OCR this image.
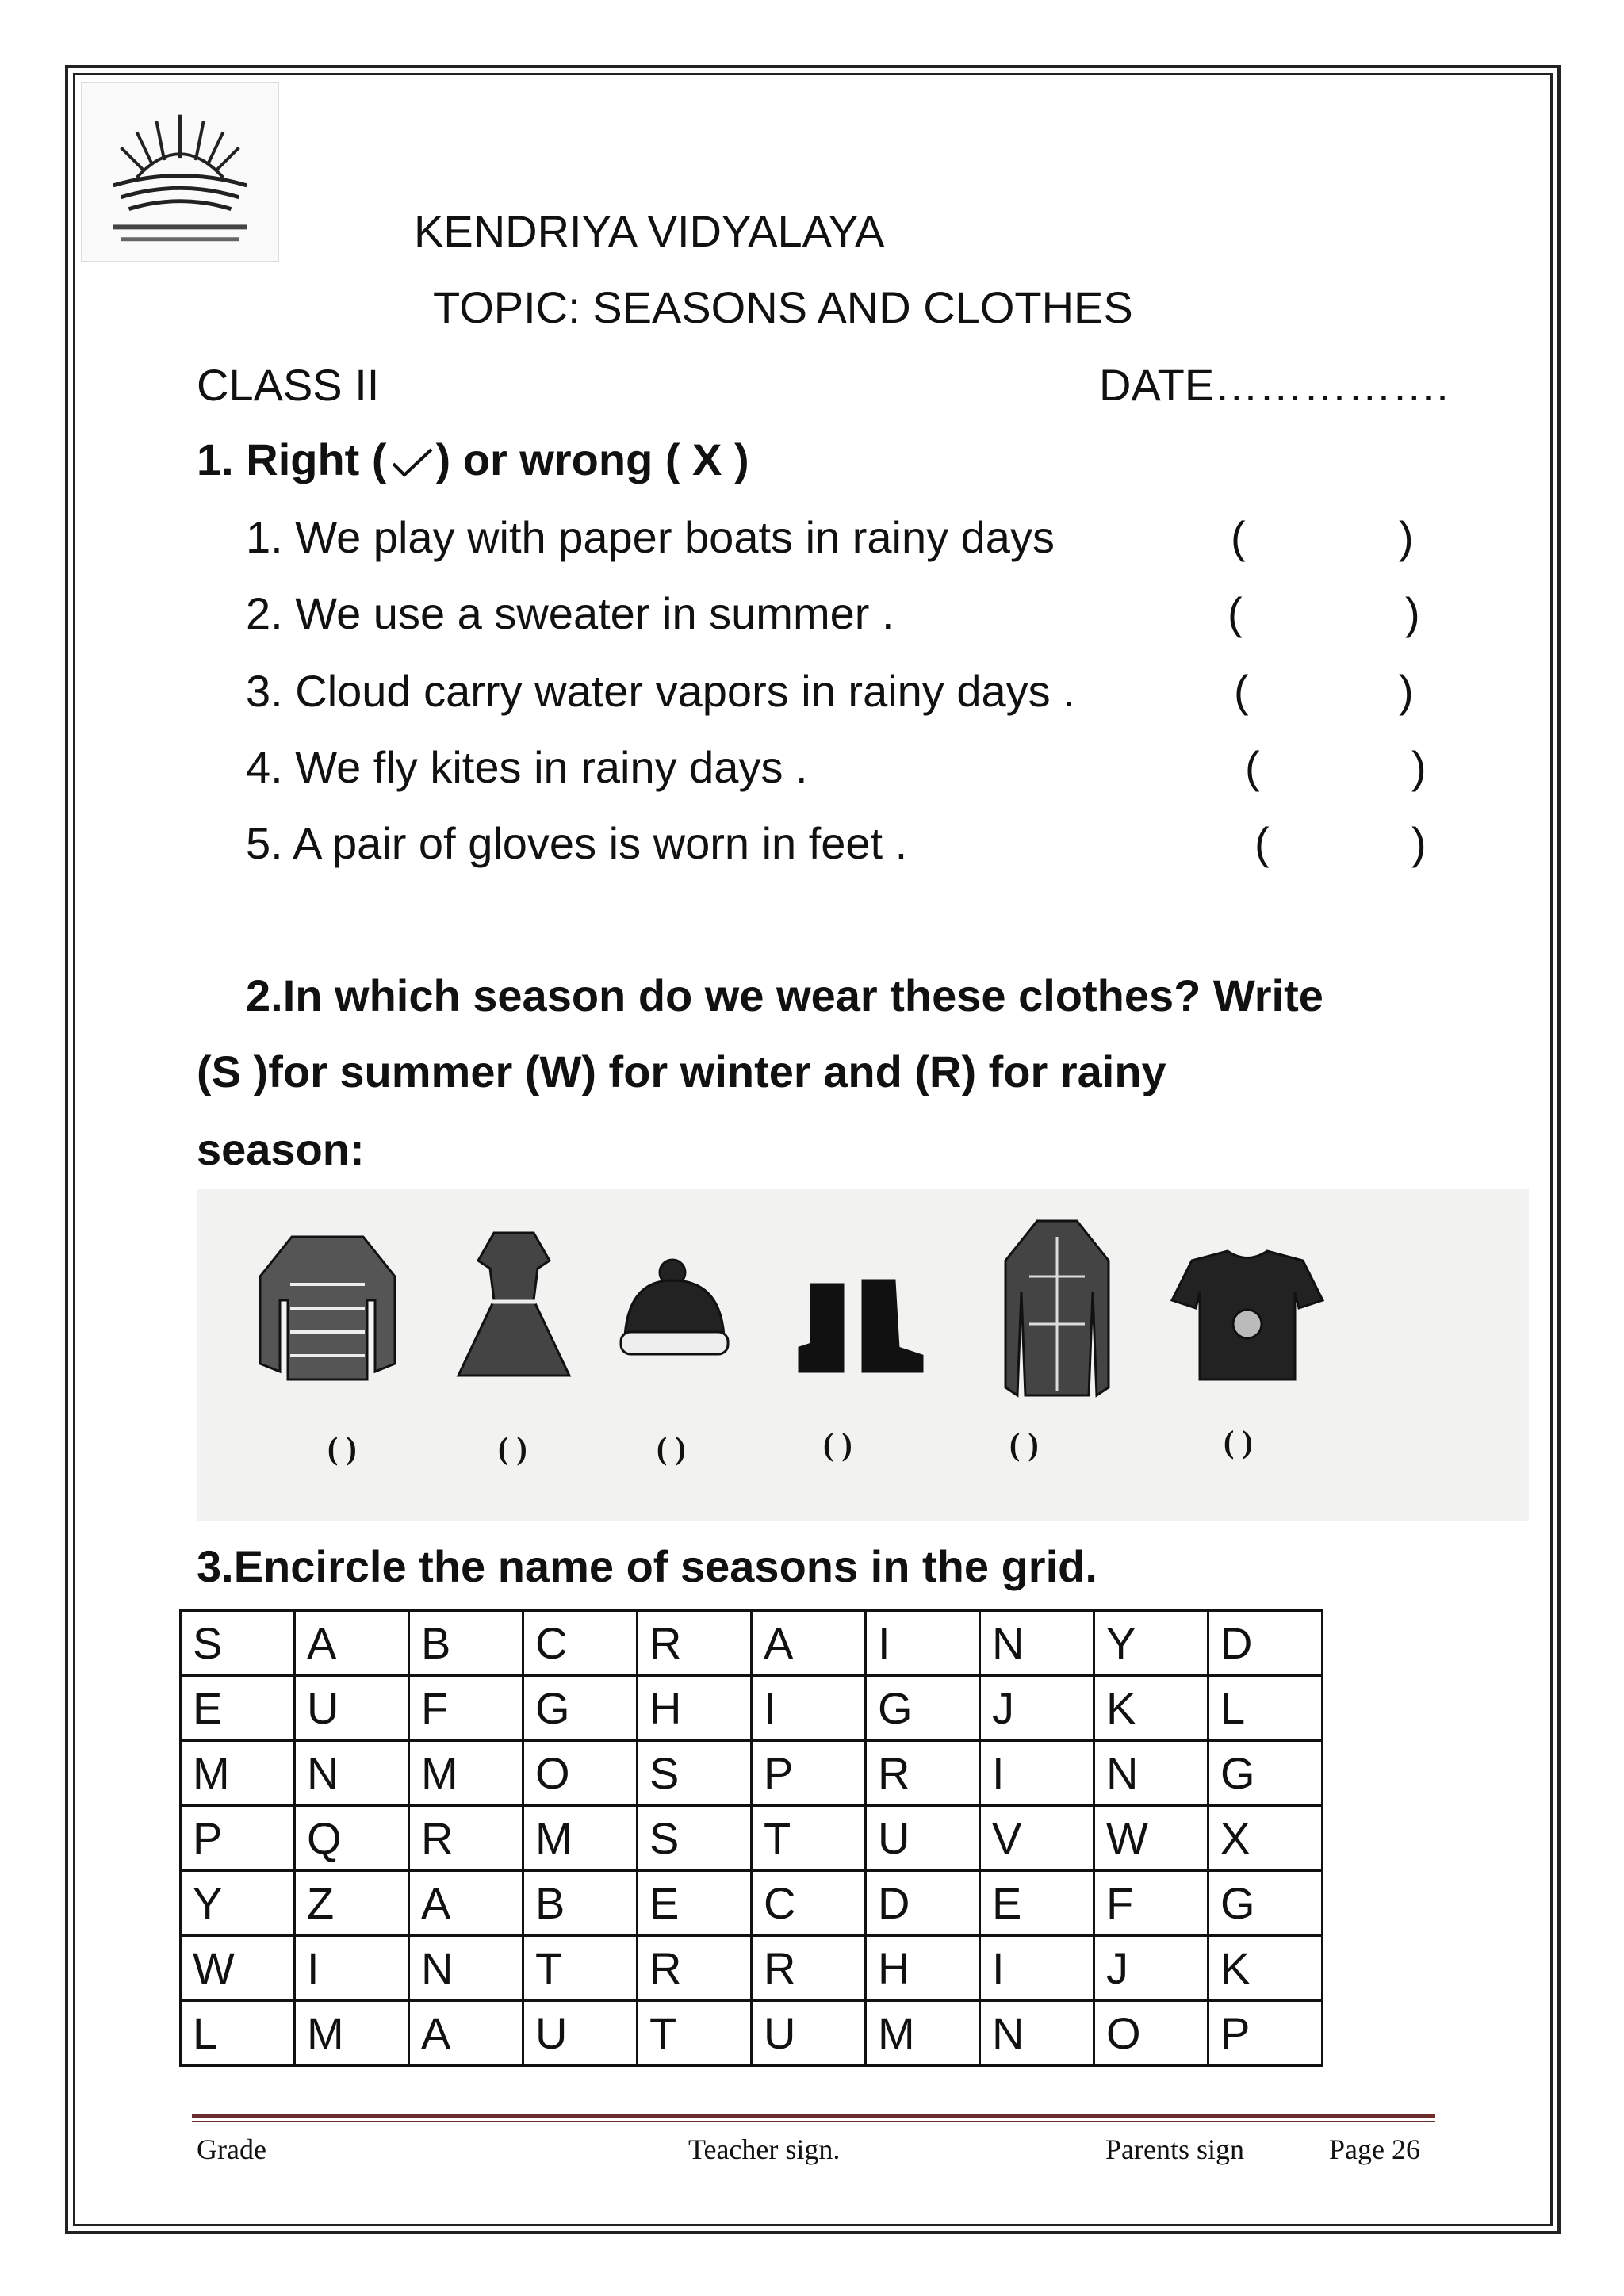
KENDRIYA VIDYALAYA
TOPIC: SEASONS AND CLOTHES
CLASS II	DATE…………….
1. Right ( ) or wrong ( X )
1. We play with paper boats in rainy days	(	)
2. We use a sweater in summer .	(	)
3. Cloud carry water vapors in rainy days .	(	)
4. We fly kites in rainy days .	(	)
5. A pair of gloves is worn in feet .	(	)
2.In which season do we wear these clothes? Write
(S )for summer (W) for winter and (R) for rainy
season:
( )	( )	( )	( )	( )	( )
3.Encircle the name of seasons in the grid.
S	A	B	C	R	A	I	N	Y	D
E	U	F	G	H	I	G	J	K	L
M	N	M	O	S	P	R	I	N	G
P	Q	R	M	S	T	U	V	W	X
Y	Z	A	B	E	C	D	E	F	G
W	I	N	T	R	R	H	I	J	K
L	M	A	U	T	U	M	N	O	P
Grade	Teacher sign.	Parents sign	Page 26
